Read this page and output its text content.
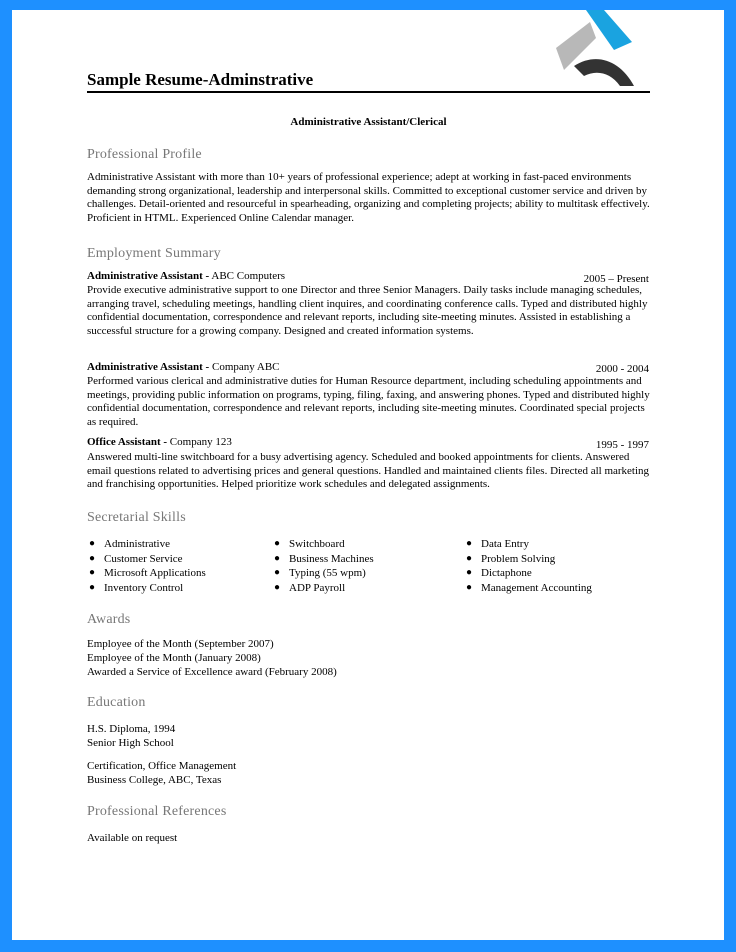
Sample Resume-Adminstrative
Administrative Assistant/Clerical
Professional Profile
Administrative Assistant with more than 10+ years of professional experience; adept at working in fast-paced environments demanding strong organizational, leadership and interpersonal skills. Committed to exceptional customer service and driven by challenges. Detail-oriented and resourceful in spearheading, organizing and completing projects; ability to multitask effectively. Proficient in HTML. Experienced Online Calendar manager.
Employment Summary
Administrative Assistant - ABC Computers	2005 – Present
Provide executive administrative support to one Director and three Senior Managers. Daily tasks include managing schedules, arranging travel, scheduling meetings, handling client inquires, and coordinating conference calls. Typed and distributed highly confidential documentation, correspondence and relevant reports, including site-meeting minutes. Assisted in establishing a successful structure for a growing company. Designed and created information systems.
Administrative Assistant - Company ABC	2000 - 2004
Performed various clerical and administrative duties for Human Resource department, including scheduling appointments and meetings, providing public information on programs, typing, filing, faxing, and answering phones. Typed and distributed highly confidential documentation, correspondence and relevant reports, including site-meeting minutes. Coordinated special projects as required.
Office Assistant - Company 123	1995 - 1997
Answered multi-line switchboard for a busy advertising agency. Scheduled and booked appointments for clients. Answered email questions related to advertising prices and general questions. Handled and maintained clients files. Directed all marketing and franchising opportunities. Helped prioritize work schedules and delegated assignments.
Secretarial Skills
● Administrative
● Customer Service
● Microsoft Applications
● Inventory Control
● Switchboard
● Business Machines
● Typing (55 wpm)
● ADP Payroll
● Data Entry
● Problem Solving
● Dictaphone
● Management Accounting
Awards
Employee of the Month (September 2007)
Employee of the Month (January 2008)
Awarded a Service of Excellence award (February 2008)
Education
H.S. Diploma, 1994
Senior High School
Certification, Office Management
Business College, ABC, Texas
Professional References
Available on request
